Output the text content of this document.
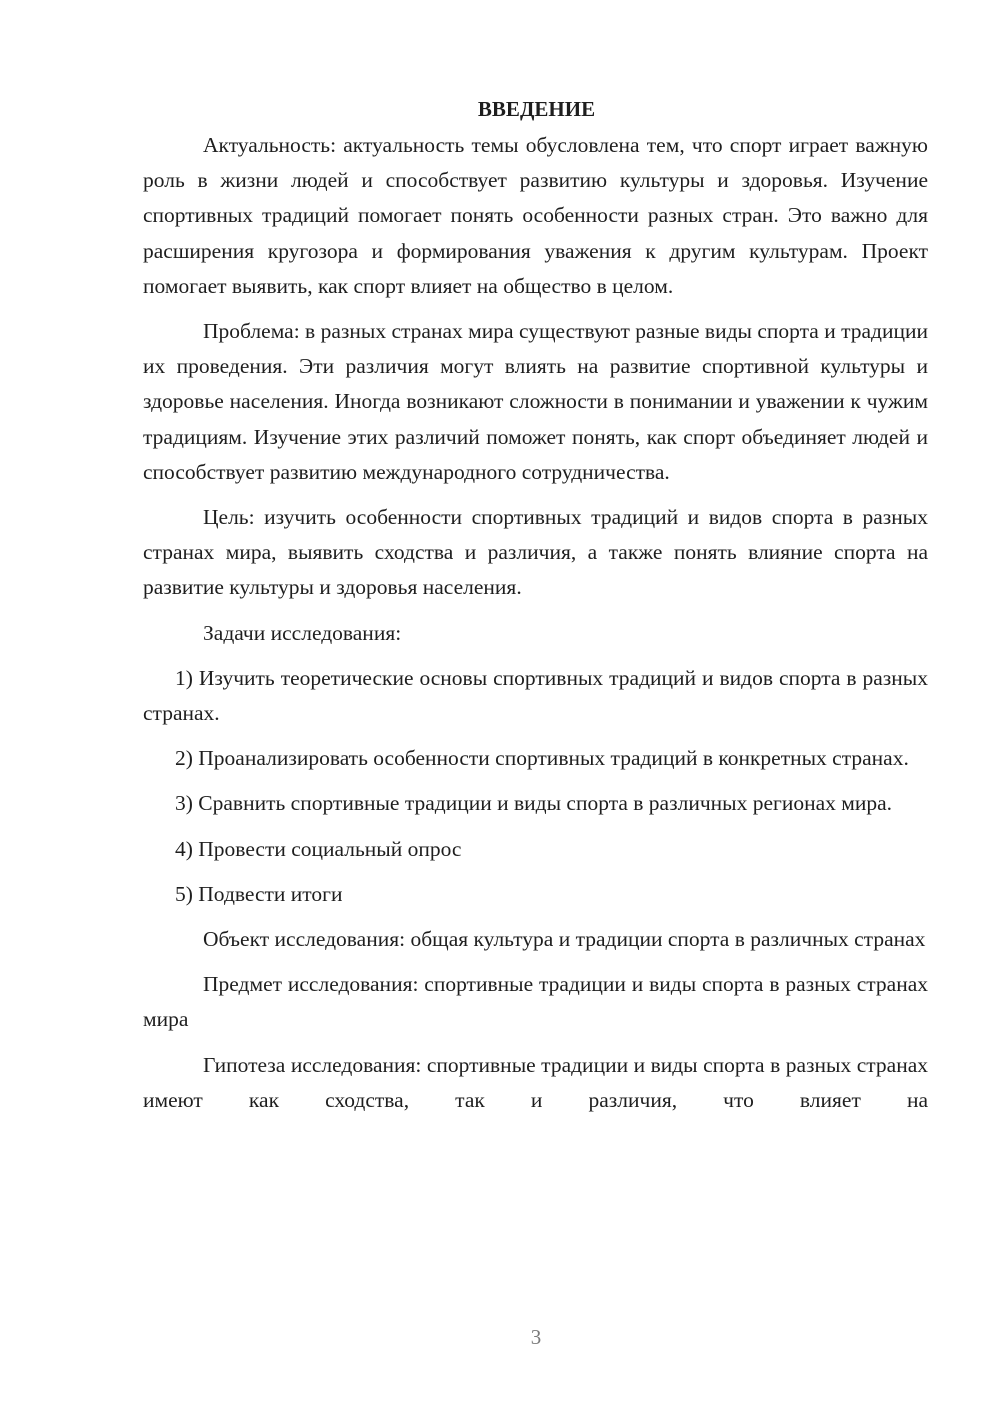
ВВЕДЕНИЕ
Актуальность: актуальность темы обусловлена тем, что спорт играет важную роль в жизни людей и способствует развитию культуры и здоровья. Изучение спортивных традиций помогает понять особенности разных стран. Это важно для расширения кругозора и формирования уважения к другим культурам. Проект помогает выявить, как спорт влияет на общество в целом.
Проблема: в разных странах мира существуют разные виды спорта и традиции их проведения. Эти различия могут влиять на развитие спортивной культуры и здоровье населения. Иногда возникают сложности в понимании и уважении к чужим традициям. Изучение этих различий поможет понять, как спорт объединяет людей и способствует развитию международного сотрудничества.
Цель: изучить особенности спортивных традиций и видов спорта в разных странах мира, выявить сходства и различия, а также понять влияние спорта на развитие культуры и здоровья населения.
Задачи исследования:
1) Изучить теоретические основы спортивных традиций и видов спорта в разных странах.
2) Проанализировать особенности спортивных традиций в конкретных странах.
3) Сравнить спортивные традиции и виды спорта в различных регионах мира.
4) Провести социальный опрос
5) Подвести итоги
Объект исследования: общая культура и традиции спорта в различных странах
Предмет исследования: спортивные традиции и виды спорта в разных странах мира
Гипотеза исследования: спортивные традиции и виды спорта в разных странах имеют как сходства, так и различия, что влияет на
3
